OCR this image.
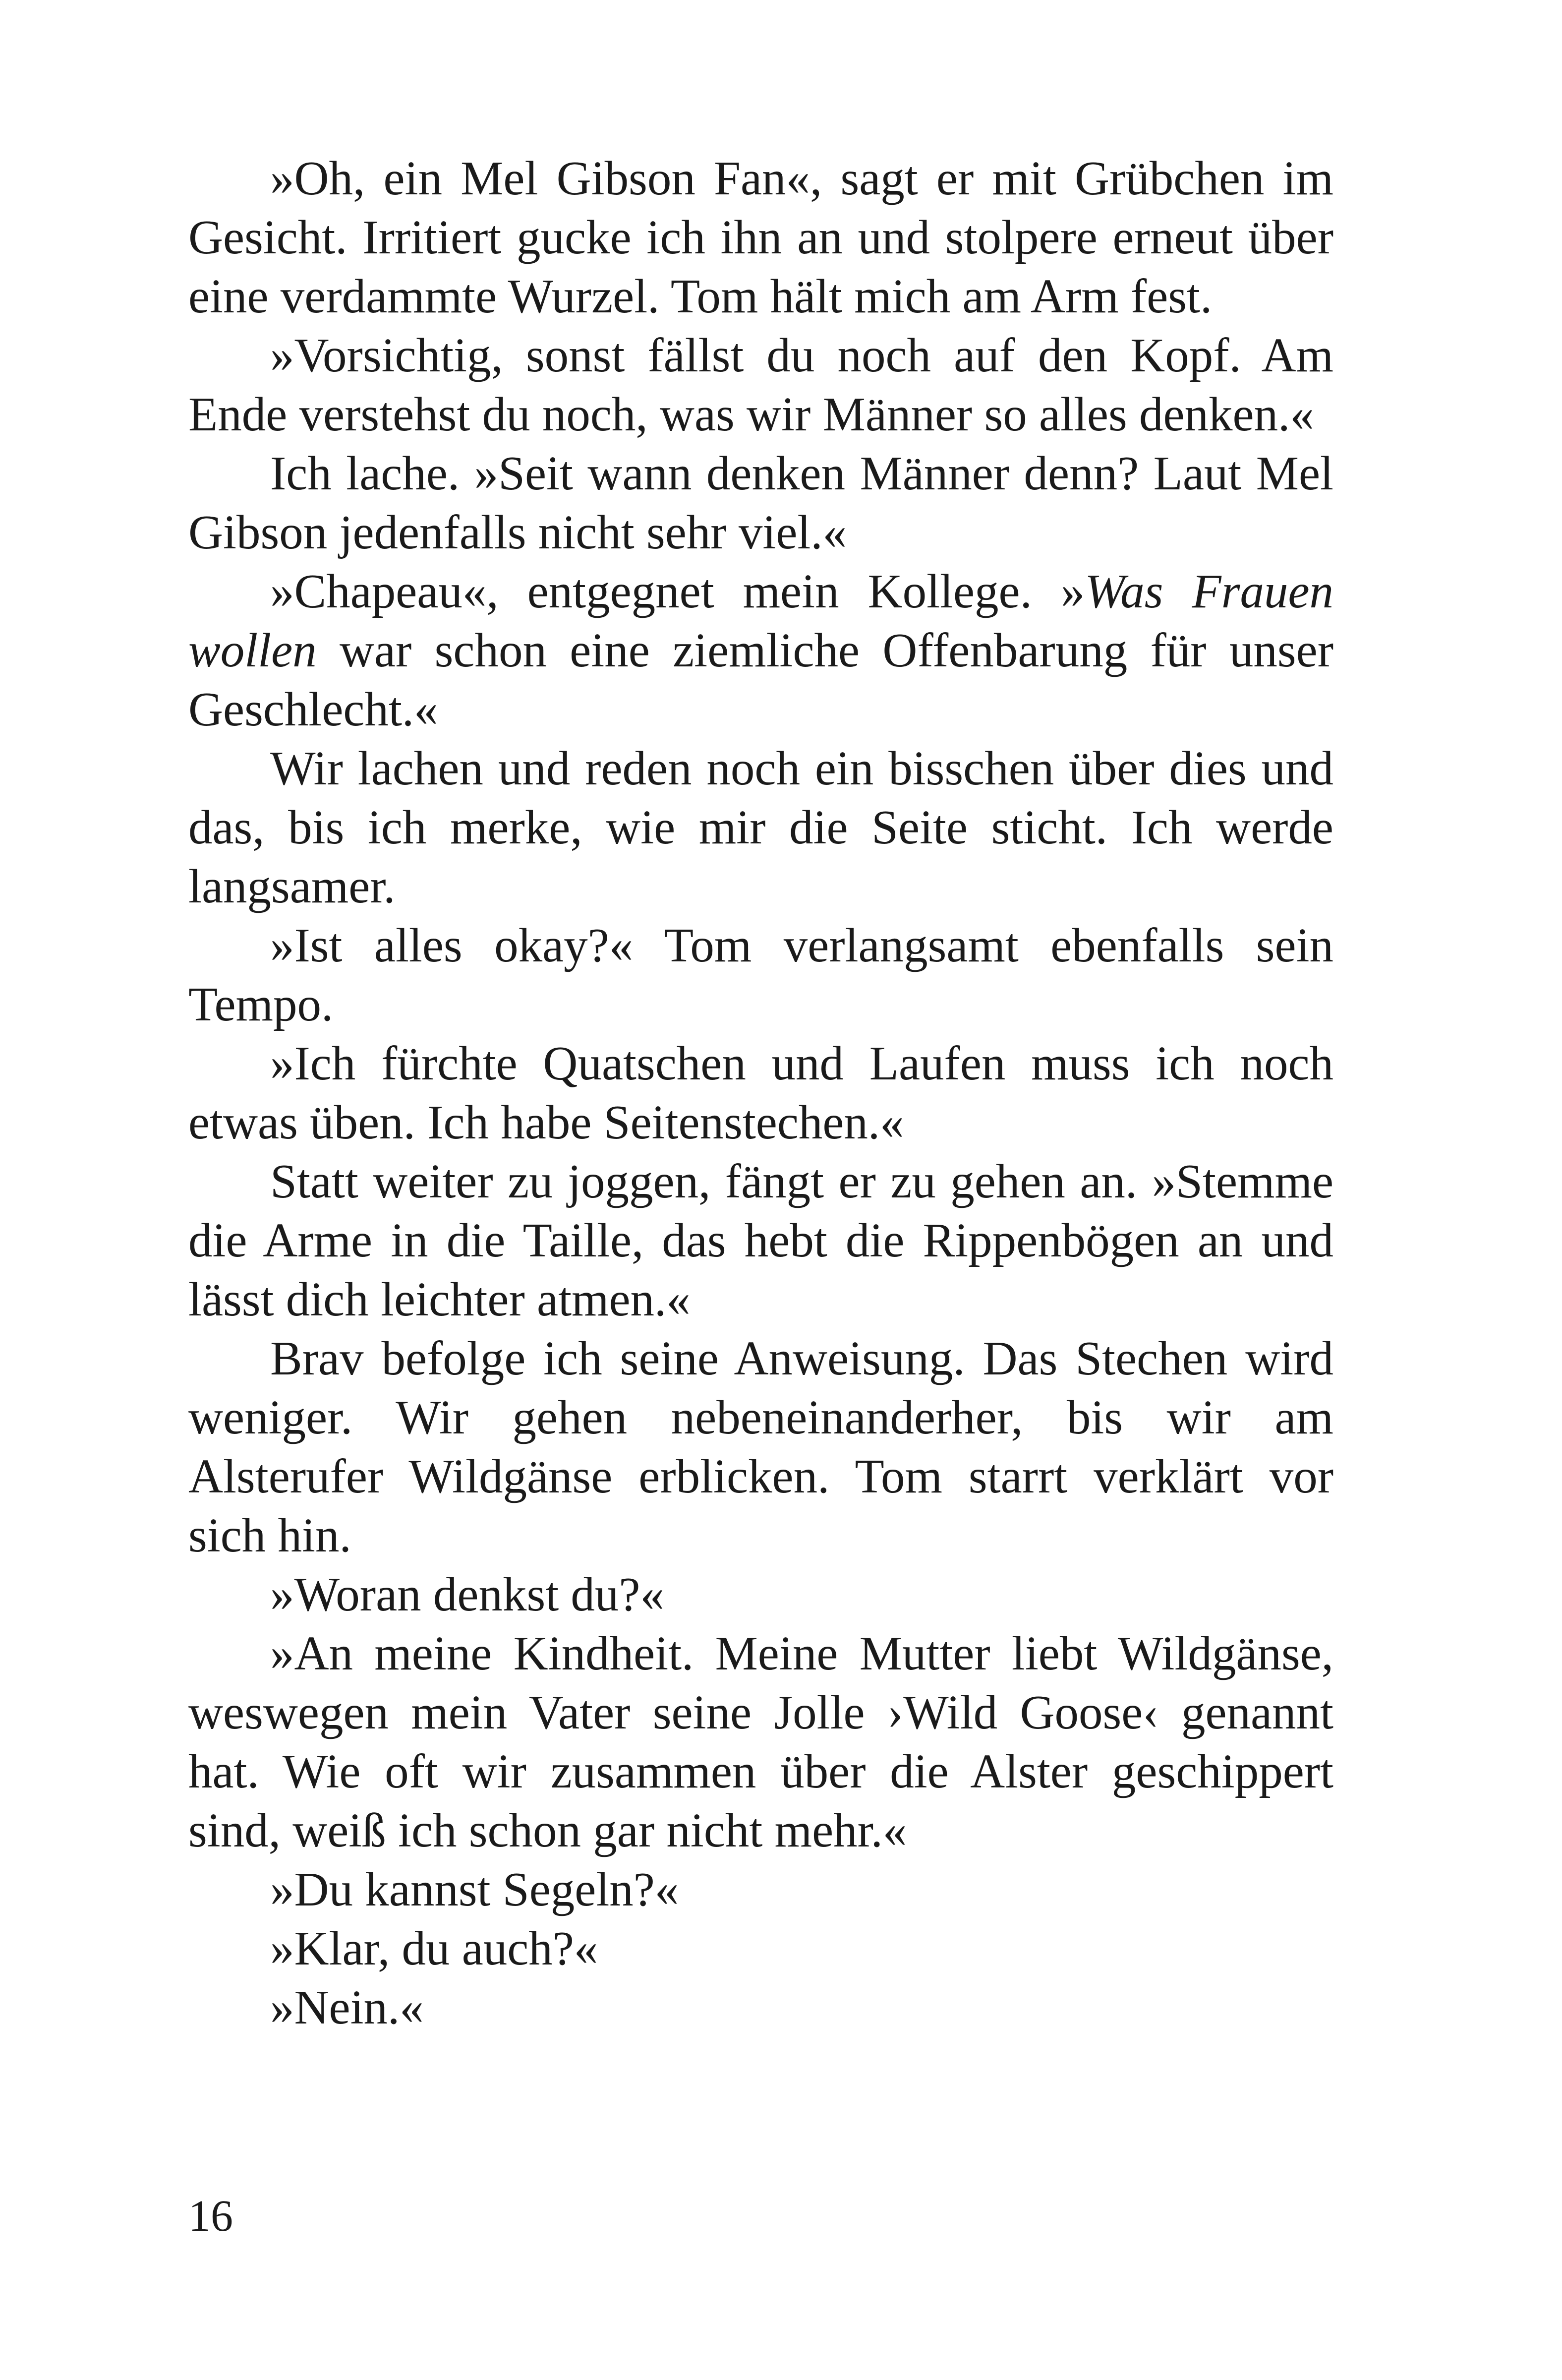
»Oh, ein Mel Gibson Fan«, sagt er mit Grübchen im Gesicht. Irritiert gucke ich ihn an und stolpere erneut über eine verdammte Wurzel. Tom hält mich am Arm fest.

»Vorsichtig, sonst fällst du noch auf den Kopf. Am Ende verstehst du noch, was wir Männer so alles denken.«

Ich lache. »Seit wann denken Männer denn? Laut Mel Gibson jedenfalls nicht sehr viel.«

»Chapeau«, entgegnet mein Kollege. »Was Frauen wollen war schon eine ziemliche Offenbarung für unser Geschlecht.«

Wir lachen und reden noch ein bisschen über dies und das, bis ich merke, wie mir die Seite sticht. Ich werde langsamer.

»Ist alles okay?« Tom verlangsamt ebenfalls sein Tempo.

»Ich fürchte Quatschen und Laufen muss ich noch etwas üben. Ich habe Seitenstechen.«

Statt weiter zu joggen, fängt er zu gehen an. »Stemme die Arme in die Taille, das hebt die Rippenbögen an und lässt dich leichter atmen.«

Brav befolge ich seine Anweisung. Das Stechen wird weniger. Wir gehen nebeneinanderher, bis wir am Alsterufer Wildgänse erblicken. Tom starrt verklärt vor sich hin.

»Woran denkst du?«

»An meine Kindheit. Meine Mutter liebt Wildgänse, weswegen mein Vater seine Jolle ›Wild Goose‹ genannt hat. Wie oft wir zusammen über die Alster geschippert sind, weiß ich schon gar nicht mehr.«

»Du kannst Segeln?«

»Klar, du auch?«

»Nein.«

16
